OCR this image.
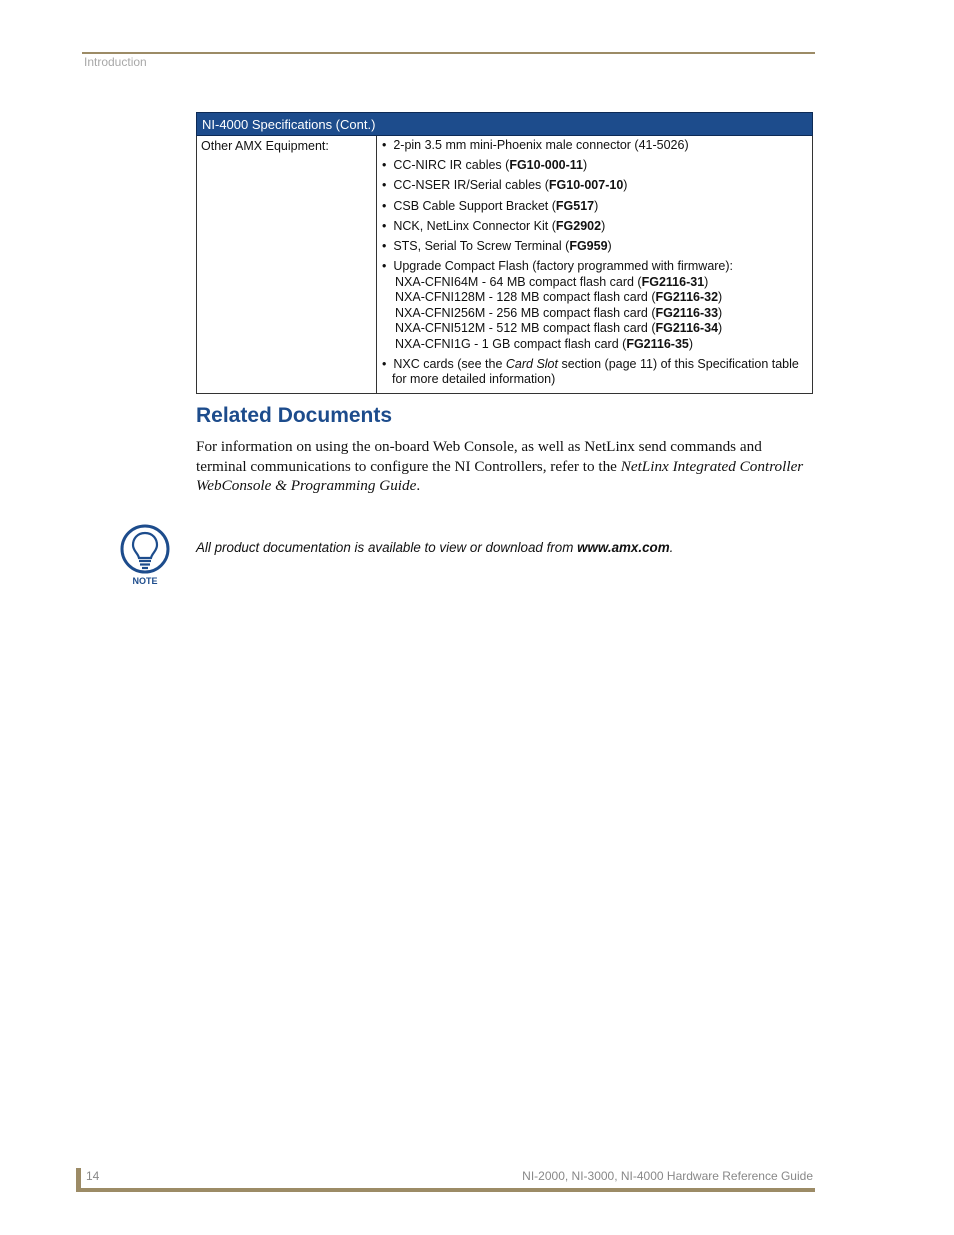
Introduction
NI-4000 Specifications (Cont.)
Other AMX Equipment:	•  2-pin 3.5 mm mini-Phoenix male connector (41-5026)
•  CC-NIRC IR cables (FG10-000-11)
•  CC-NSER IR/Serial cables (FG10-007-10)
•  CSB Cable Support Bracket (FG517)
•  NCK, NetLinx Connector Kit (FG2902)
•  STS, Serial To Screw Terminal (FG959)
•  Upgrade Compact Flash (factory programmed with firmware):
NXA-CFNI64M - 64 MB compact flash card (FG2116-31)
NXA-CFNI128M - 128 MB compact flash card (FG2116-32)
NXA-CFNI256M - 256 MB compact flash card (FG2116-33)
NXA-CFNI512M - 512 MB compact flash card (FG2116-34)
NXA-CFNI1G - 1 GB compact flash card (FG2116-35)
•  NXC cards (see the Card Slot section (page 11) of this Specification table for more detailed information)
Related Documents

For information on using the on-board Web Console, as well as NetLinx send commands and terminal communications to configure the NI Controllers, refer to the NetLinx Integrated Controller WebConsole & Programming Guide.

NOTE

All product documentation is available to view or download from www.amx.com.

14	NI-2000, NI-3000, NI-4000 Hardware Reference Guide
